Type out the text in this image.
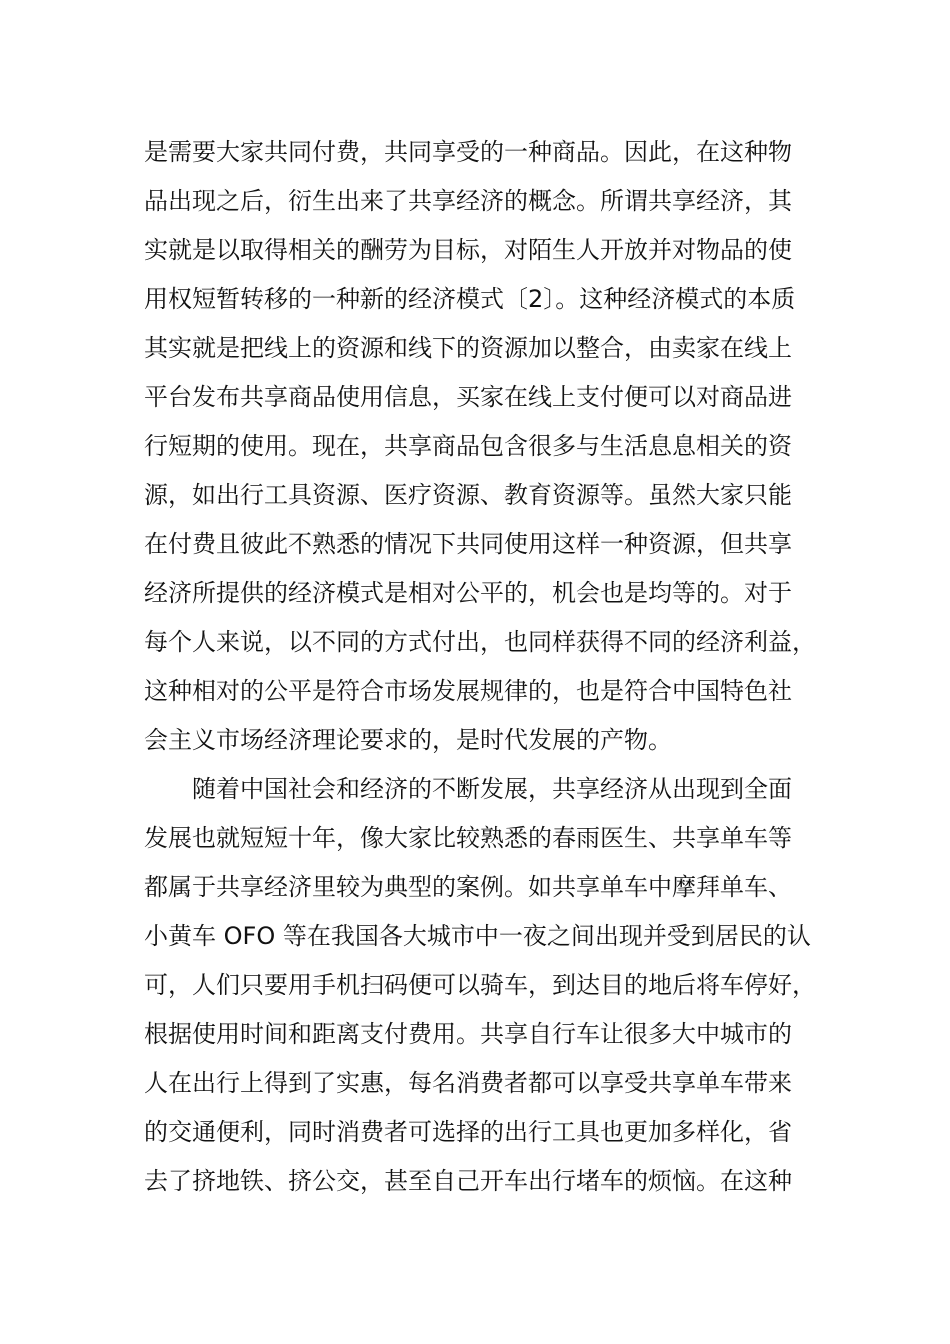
是需要大家共同付费，共同享受的一种商品。因此，在这种物
品出现之后，衍生出来了共享经济的概念。所谓共享经济，其
实就是以取得相关的酬劳为目标，对陌生人开放并对物品的使
用权短暂转移的一种新的经济模式〔2〕。这种经济模式的本质
其实就是把线上的资源和线下的资源加以整合，由卖家在线上
平台发布共享商品使用信息，买家在线上支付便可以对商品进
行短期的使用。现在，共享商品包含很多与生活息息相关的资
源，如出行工具资源、医疗资源、教育资源等。虽然大家只能
在付费且彼此不熟悉的情况下共同使用这样一种资源，但共享
经济所提供的经济模式是相对公平的，机会也是均等的。对于
每个人来说，以不同的方式付出，也同样获得不同的经济利益，
这种相对的公平是符合市场发展规律的，也是符合中国特色社
会主义市场经济理论要求的，是时代发展的产物。
　　随着中国社会和经济的不断发展，共享经济从出现到全面
发展也就短短十年，像大家比较熟悉的春雨医生、共享单车等
都属于共享经济里较为典型的案例。如共享单车中摩拜单车、
小黄车 OFO 等在我国各大城市中一夜之间出现并受到居民的认
可，人们只要用手机扫码便可以骑车，到达目的地后将车停好，
根据使用时间和距离支付费用。共享自行车让很多大中城市的
人在出行上得到了实惠，每名消费者都可以享受共享单车带来
的交通便利，同时消费者可选择的出行工具也更加多样化，省
去了挤地铁、挤公交，甚至自己开车出行堵车的烦恼。在这种
